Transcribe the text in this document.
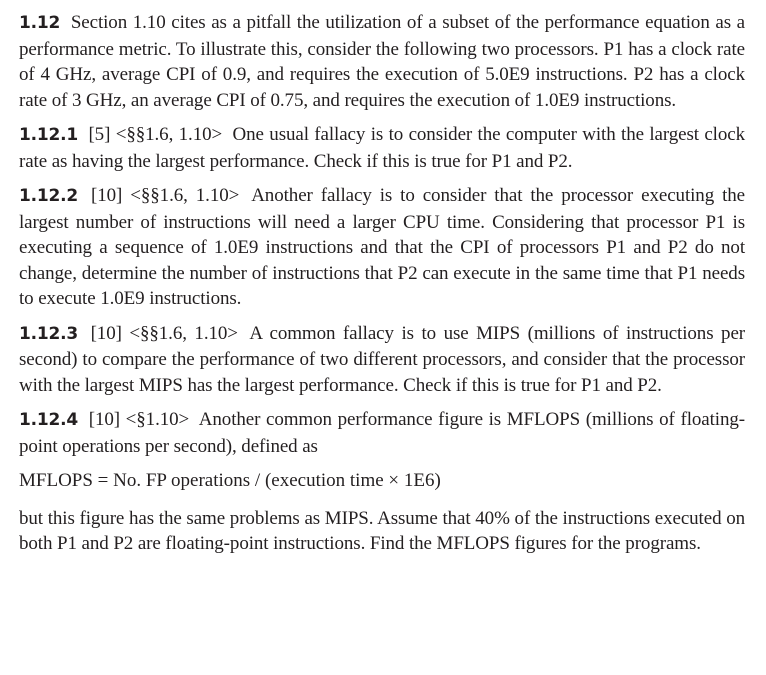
1.12 Section 1.10 cites as a pitfall the utilization of a subset of the performance equation as a performance metric. To illustrate this, consider the following two processors. P1 has a clock rate of 4 GHz, average CPI of 0.9, and requires the execution of 5.0E9 instructions. P2 has a clock rate of 3 GHz, an average CPI of 0.75, and requires the execution of 1.0E9 instructions.

1.12.1 [5] <§§1.6, 1.10> One usual fallacy is to consider the computer with the largest clock rate as having the largest performance. Check if this is true for P1 and P2.

1.12.2 [10] <§§1.6, 1.10> Another fallacy is to consider that the processor executing the largest number of instructions will need a larger CPU time. Considering that processor P1 is executing a sequence of 1.0E9 instructions and that the CPI of processors P1 and P2 do not change, determine the number of instructions that P2 can execute in the same time that P1 needs to execute 1.0E9 instructions.

1.12.3 [10] <§§1.6, 1.10> A common fallacy is to use MIPS (millions of instructions per second) to compare the performance of two different processors, and consider that the processor with the largest MIPS has the largest performance. Check if this is true for P1 and P2.

1.12.4 [10] <§1.10> Another common performance figure is MFLOPS (millions of floating-point operations per second), defined as

MFLOPS = No. FP operations / (execution time × 1E6)

but this figure has the same problems as MIPS. Assume that 40% of the instructions executed on both P1 and P2 are floating-point instructions. Find the MFLOPS figures for the programs.
